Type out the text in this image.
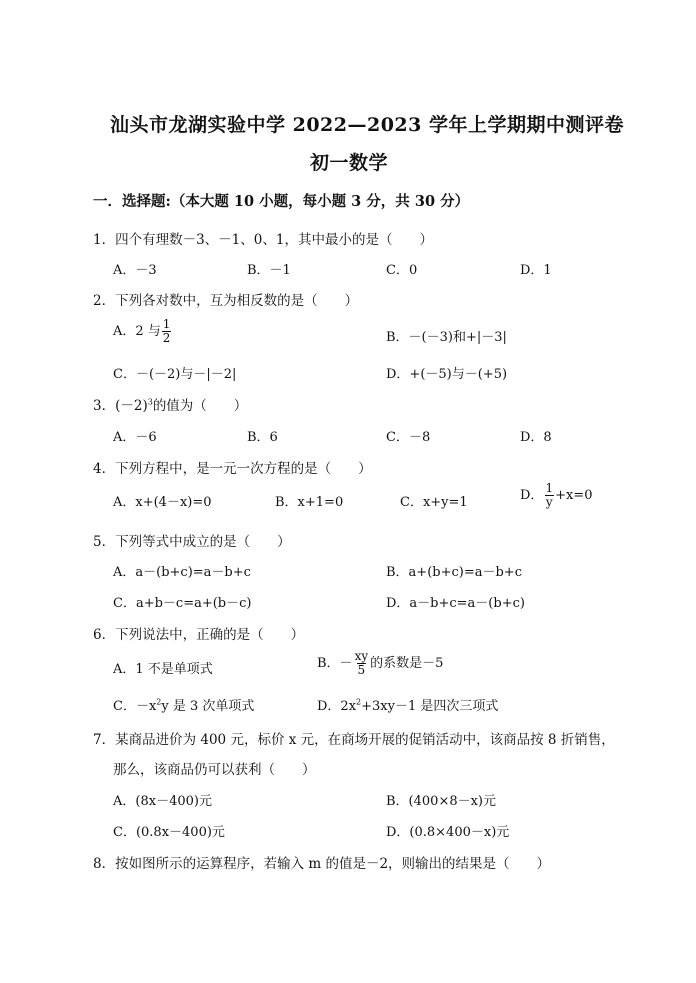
汕头市龙湖实验中学 2022—2023 学年上学期期中测评卷
初一数学
一．选择题:（本大题 10 小题，每小题 3 分，共 30 分）
1．四个有理数－3、－1、0、1，其中最小的是（　　）
A．－3	B．－1	C．0	D．1
2．下列各对数中，互为相反数的是（　　）
A．2 与 $\frac{1}{2}$	B．－(－3)和+|－3|
C．－(－2)与－|－2|	D．+(－5)与－(+5)
3．$(-2)^3$的值为（　　）
A．－6	B．6	C．－8	D．8
4．下列方程中，是一元一次方程的是（　　）
A．x+(4－x)=0	B．x+1=0	C．x+y=1	D． $\frac{1}{y} +x=0$
5．下列等式中成立的是（　　）
A．a－(b+c)=a－b+c	B．a+(b+c)=a－b+c
C．a+b－c=a+(b－c)	D．a－b+c=a－(b+c)
6．下列说法中，正确的是（　　）
A．1 不是单项式	B．－ $\frac{xy}{5}$ 的系数是－5
C．$-x^2y$ 是 3 次单项式	D．$2x^2+3xy-1$ 是四次三项式
7．某商品进价为 400 元，标价 x 元，在商场开展的促销活动中，该商品按 8 折销售，
那么，该商品仍可以获利（　　）
A．(8x－400)元	B．(400×8－x)元
C．(0.8x－400)元	D．(0.8×400－x)元
8．按如图所示的运算程序，若输入 m 的值是－2，则输出的结果是（　　）
